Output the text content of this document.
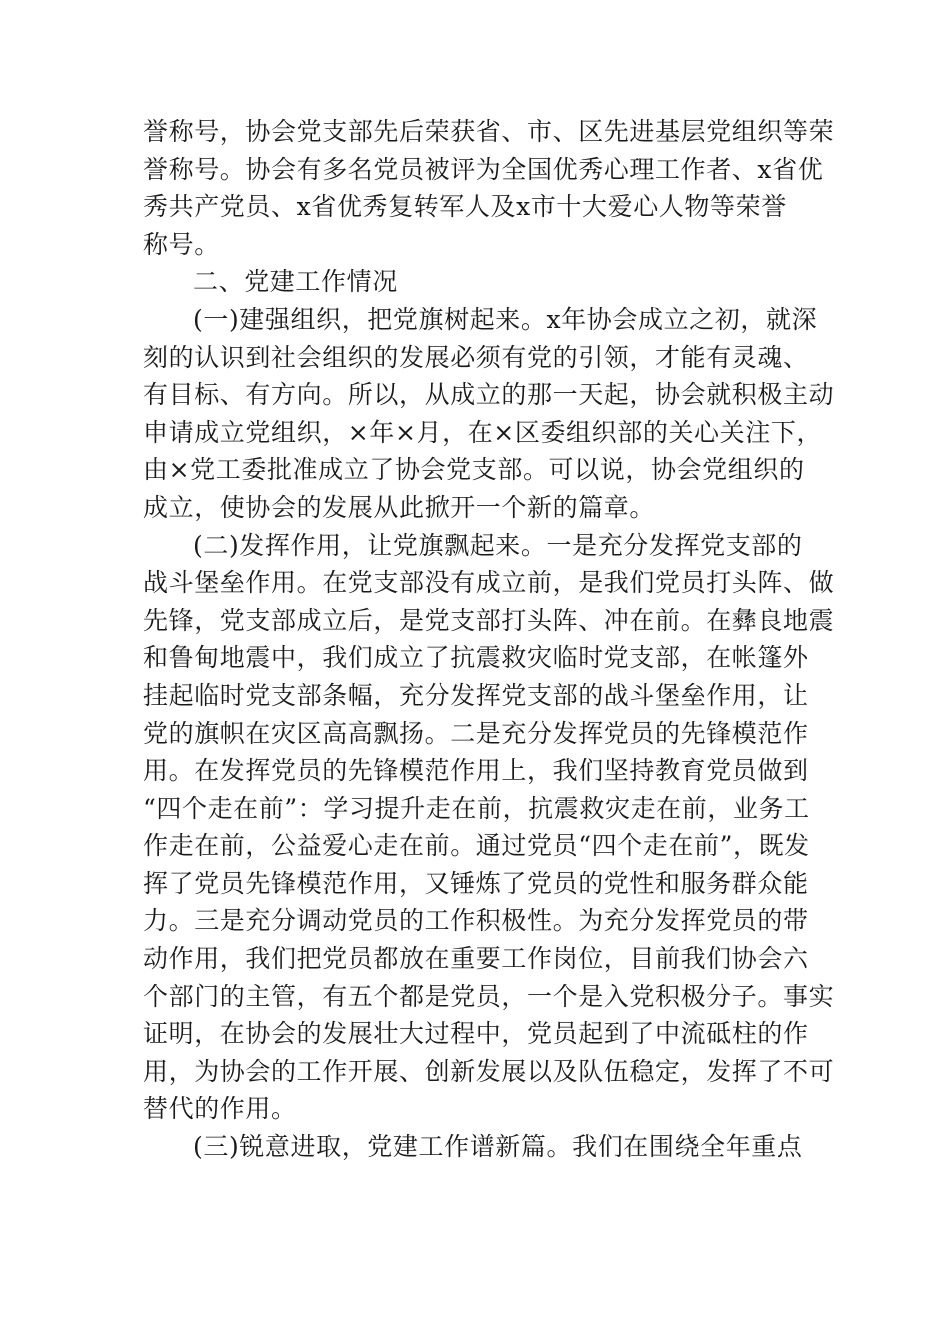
誉称号，协会党支部先后荣获省、市、区先进基层党组织等荣
誉称号。协会有多名党员被评为全国优秀心理工作者、x省优
秀共产党员、x省优秀复转军人及x市十大爱心人物等荣誉
称号。
二、党建工作情况
(一)建强组织，把党旗树起来。x年协会成立之初，就深
刻的认识到社会组织的发展必须有党的引领，才能有灵魂、
有目标、有方向。所以，从成立的那一天起，协会就积极主动
申请成立党组织，×年×月，在×区委组织部的关心关注下，
由×党工委批准成立了协会党支部。可以说，协会党组织的
成立，使协会的发展从此掀开一个新的篇章。
(二)发挥作用，让党旗飘起来。一是充分发挥党支部的
战斗堡垒作用。在党支部没有成立前，是我们党员打头阵、做
先锋，党支部成立后，是党支部打头阵、冲在前。在彝良地震
和鲁甸地震中，我们成立了抗震救灾临时党支部，在帐篷外
挂起临时党支部条幅，充分发挥党支部的战斗堡垒作用，让
党的旗帜在灾区高高飘扬。二是充分发挥党员的先锋模范作
用。在发挥党员的先锋模范作用上，我们坚持教育党员做到
“四个走在前”：学习提升走在前，抗震救灾走在前，业务工
作走在前，公益爱心走在前。通过党员“四个走在前”，既发
挥了党员先锋模范作用，又锤炼了党员的党性和服务群众能
力。三是充分调动党员的工作积极性。为充分发挥党员的带
动作用，我们把党员都放在重要工作岗位，目前我们协会六
个部门的主管，有五个都是党员，一个是入党积极分子。事实
证明，在协会的发展壮大过程中，党员起到了中流砥柱的作
用，为协会的工作开展、创新发展以及队伍稳定，发挥了不可
替代的作用。
(三)锐意进取，党建工作谱新篇。我们在围绕全年重点
